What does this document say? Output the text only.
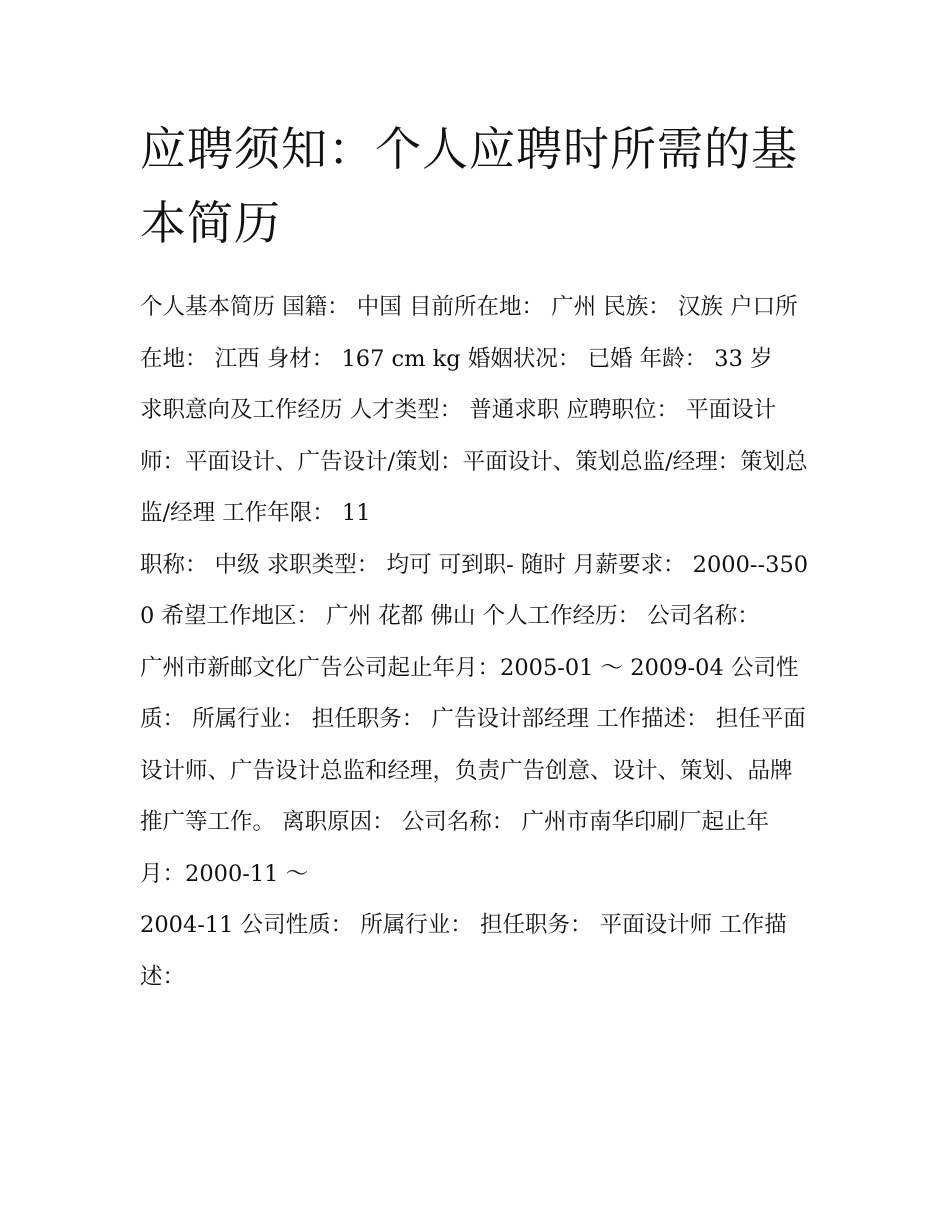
应聘须知：个人应聘时所需的基本简历

个人基本简历 国籍： 中国 目前所在地： 广州 民族： 汉族 户口所在地： 江西 身材： 167 cm kg 婚姻状况： 已婚 年龄： 33 岁

求职意向及工作经历 人才类型： 普通求职 应聘职位： 平面设计师：平面设计、广告设计/策划：平面设计、策划总监/经理：策划总监/经理 工作年限： 11

职称： 中级 求职类型： 均可 可到职- 随时 月薪要求： 2000--3500 希望工作地区： 广州 花都 佛山 个人工作经历： 公司名称：

广州市新邮文化广告公司起止年月：2005-01 ～ 2009-04 公司性质： 所属行业： 担任职务： 广告设计部经理 工作描述： 担任平面设计师、广告设计总监和经理，负责广告创意、设计、策划、品牌推广等工作。 离职原因： 公司名称： 广州市南华印刷厂起止年月：2000-11 ～

2004-11 公司性质： 所属行业： 担任职务： 平面设计师 工作描述：
